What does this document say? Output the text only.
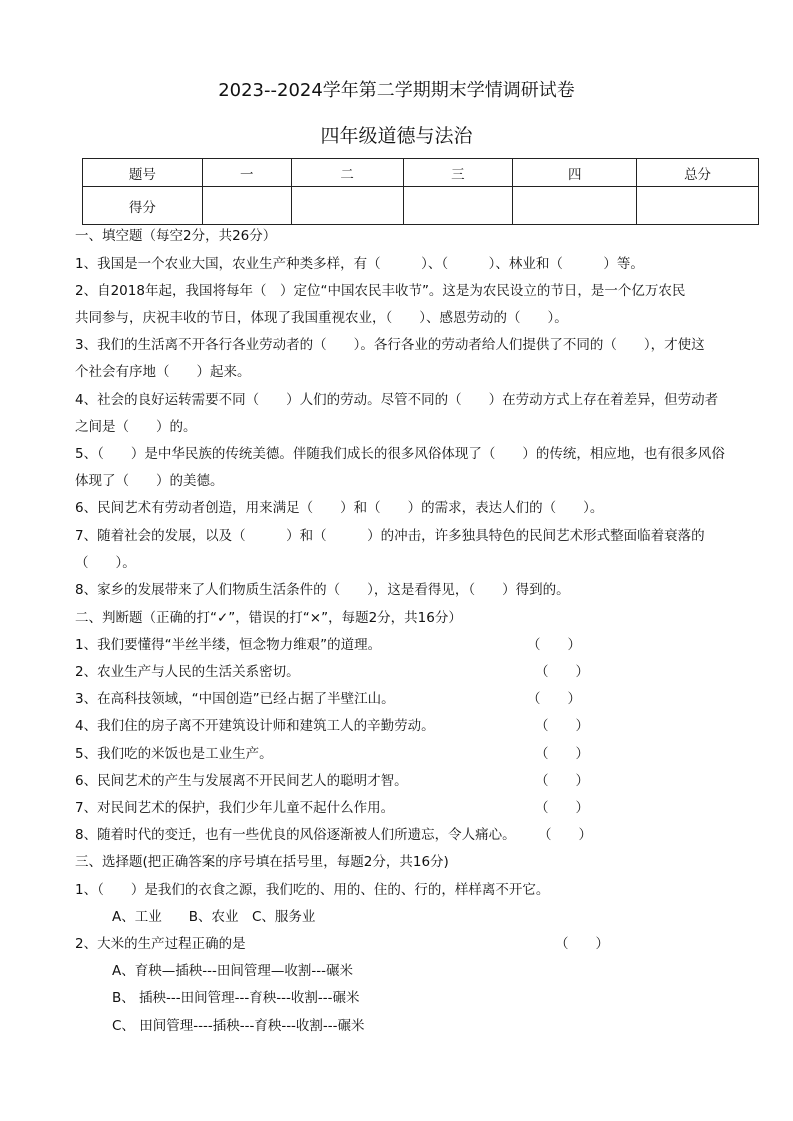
2023--2024学年第二学期期末学情调研试卷
四年级道德与法治
题号	一	二	三	四	总分
得分					
一、填空题（每空2分，共26分）
1、我国是一个农业大国，农业生产种类多样，有（　　　）、（　　　）、林业和（　　　）等。
2、自2018年起，我国将每年（　）定位“中国农民丰收节”。这是为农民设立的节日，是一个亿万农民
共同参与，庆祝丰收的节日，体现了我国重视农业，（　　）、感恩劳动的（　　）。
3、我们的生活离不开各行各业劳动者的（　　）。各行各业的劳动者给人们提供了不同的（　　），才使这
个社会有序地（　　）起来。
4、社会的良好运转需要不同（　　）人们的劳动。尽管不同的（　　）在劳动方式上存在着差异，但劳动者
之间是（　　）的。
5、（　　）是中华民族的传统美德。伴随我们成长的很多风俗体现了（　　）的传统，相应地，也有很多风俗
体现了（　　）的美德。
6、民间艺术有劳动者创造，用来满足（　　）和（　　）的需求，表达人们的（　　）。
7、随着社会的发展，以及（　　　）和（　　　）的冲击，许多独具特色的民间艺术形式整面临着衰落的
（　　）。
8、家乡的发展带来了人们物质生活条件的（　　），这是看得见，（　　）得到的。
二、判断题（正确的打“✓”，错误的打“×”，每题2分，共16分）
1、我们要懂得“半丝半缕，恒念物力维艰”的道理。	（　　）
2、农业生产与人民的生活关系密切。	（　　）
3、在高科技领域，“中国创造”已经占据了半壁江山。	（　　）
4、我们住的房子离不开建筑设计师和建筑工人的辛勤劳动。	（　　）
5、我们吃的米饭也是工业生产。	（　　）
6、民间艺术的产生与发展离不开民间艺人的聪明才智。	（　　）
7、对民间艺术的保护，我们少年儿童不起什么作用。	（　　）
8、随着时代的变迁，也有一些优良的风俗逐渐被人们所遗忘，令人痛心。 （　　）
三、选择题(把正确答案的序号填在括号里，每题2分，共16分)
1、（　　）是我们的衣食之源，我们吃的、用的、住的、行的，样样离不开它。
A、工业　　B、农业　C、服务业
2、大米的生产过程正确的是	（　　）
A、育秧—插秧---田间管理—收割---碾米
B、 插秧---田间管理---育秧---收割---碾米
C、 田间管理----插秧---育秧---收割---碾米
